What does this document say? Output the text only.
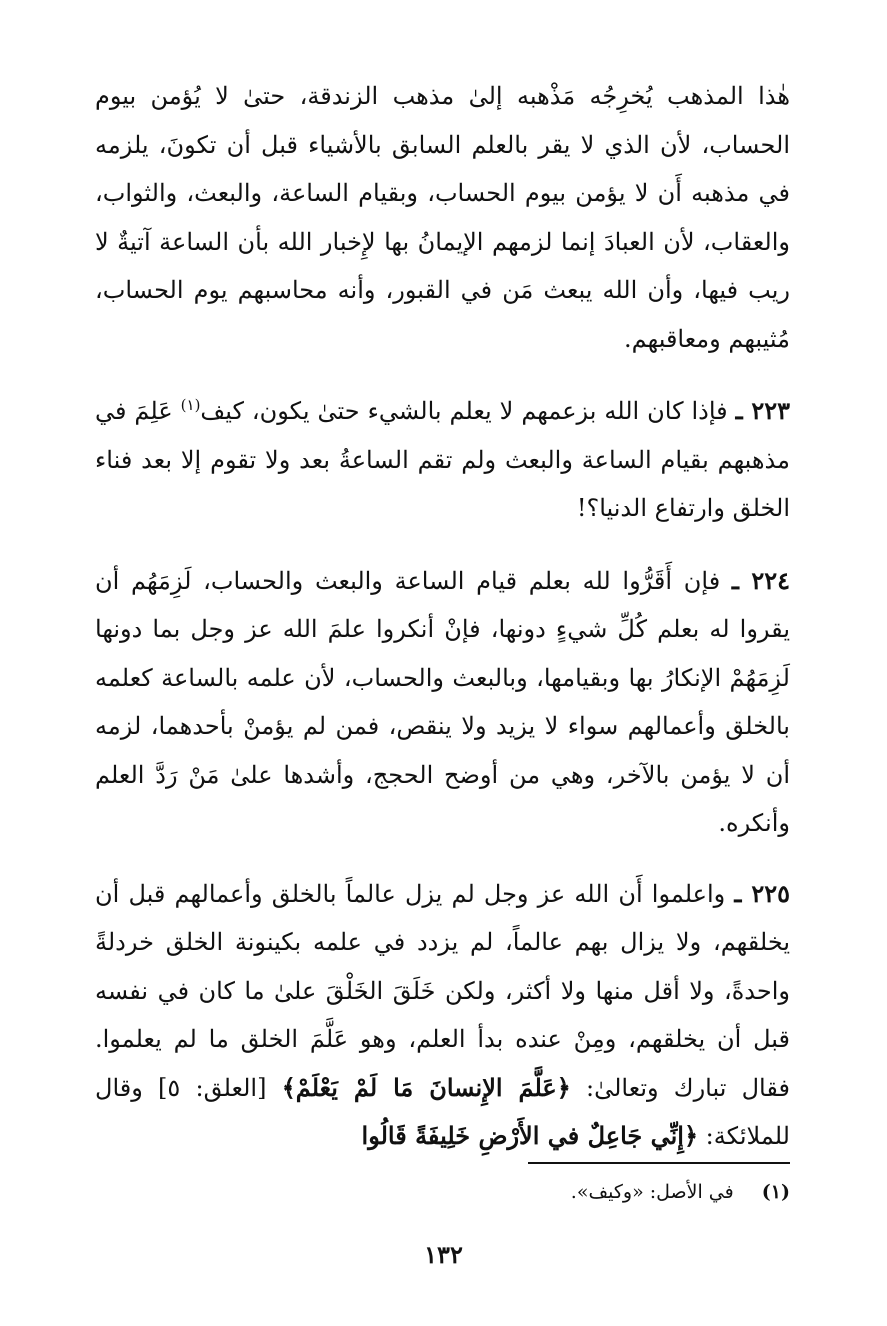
هٰذا المذهب يُخرِجُه مَذْهبه إلىٰ مذهب الزندقة، حتىٰ لا يُؤمن بيوم الحساب، لأن الذي لا يقر بالعلم السابق بالأشياء قبل أن تكونَ، يلزمه في مذهبه أَن لا يؤمن بيوم الحساب، وبقيام الساعة، والبعث، والثواب، والعقاب، لأن العبادَ إنما لزمهم الإيمانُ بها لإِخبار الله بأن الساعة آتيةٌ لا ريب فيها، وأن الله يبعث مَن في القبور، وأنه محاسبهم يوم الحساب، مُثيبهم ومعاقبهم.

٢٢٣ ـ فإذا كان الله بزعمهم لا يعلم بالشيء حتىٰ يكون، كيف$^{(١)}$ عَلِمَ في مذهبهم بقيام الساعة والبعث ولم تقم الساعةُ بعد ولا تقوم إلا بعد فناء الخلق وارتفاع الدنيا؟!

٢٢٤ ـ فإن أَقَرُّوا لله بعلم قيام الساعة والبعث والحساب، لَزِمَهُم أن يقروا له بعلم كُلِّ شيءٍ دونها، فإنْ أنكروا علمَ الله عز وجل بما دونها لَزِمَهُمْ الإنكارُ بها وبقيامها، وبالبعث والحساب، لأن علمه بالساعة كعلمه بالخلق وأعمالهم سواء لا يزيد ولا ينقص، فمن لم يؤمنْ بأحدهما، لزمه أن لا يؤمن بالآخر، وهي من أوضح الحجج، وأشدها علىٰ مَنْ رَدَّ العلم وأنكره.

٢٢٥ ـ واعلموا أَن الله عز وجل لم يزل عالماً بالخلق وأعمالهم قبل أن يخلقهم، ولا يزال بهم عالماً، لم يزدد في علمه بكينونة الخلق خردلةً واحدةً، ولا أقل منها ولا أكثر، ولكن خَلَقَ الخَلْقَ علىٰ ما كان في نفسه قبل أن يخلقهم، ومِنْ عنده بدأ العلم، وهو عَلَّمَ الخلق ما لم يعلموا. فقال تبارك وتعالىٰ: ﴿عَلَّمَ الإِنسانَ مَا لَمْ يَعْلَمْ﴾ [العلق: ٥] وقال للملائكة: ﴿إِنِّي جَاعِلٌ في الأَرْضِ خَلِيفَةً قَالُوا

(١) في الأصل: «وكيف».
١٣٢
